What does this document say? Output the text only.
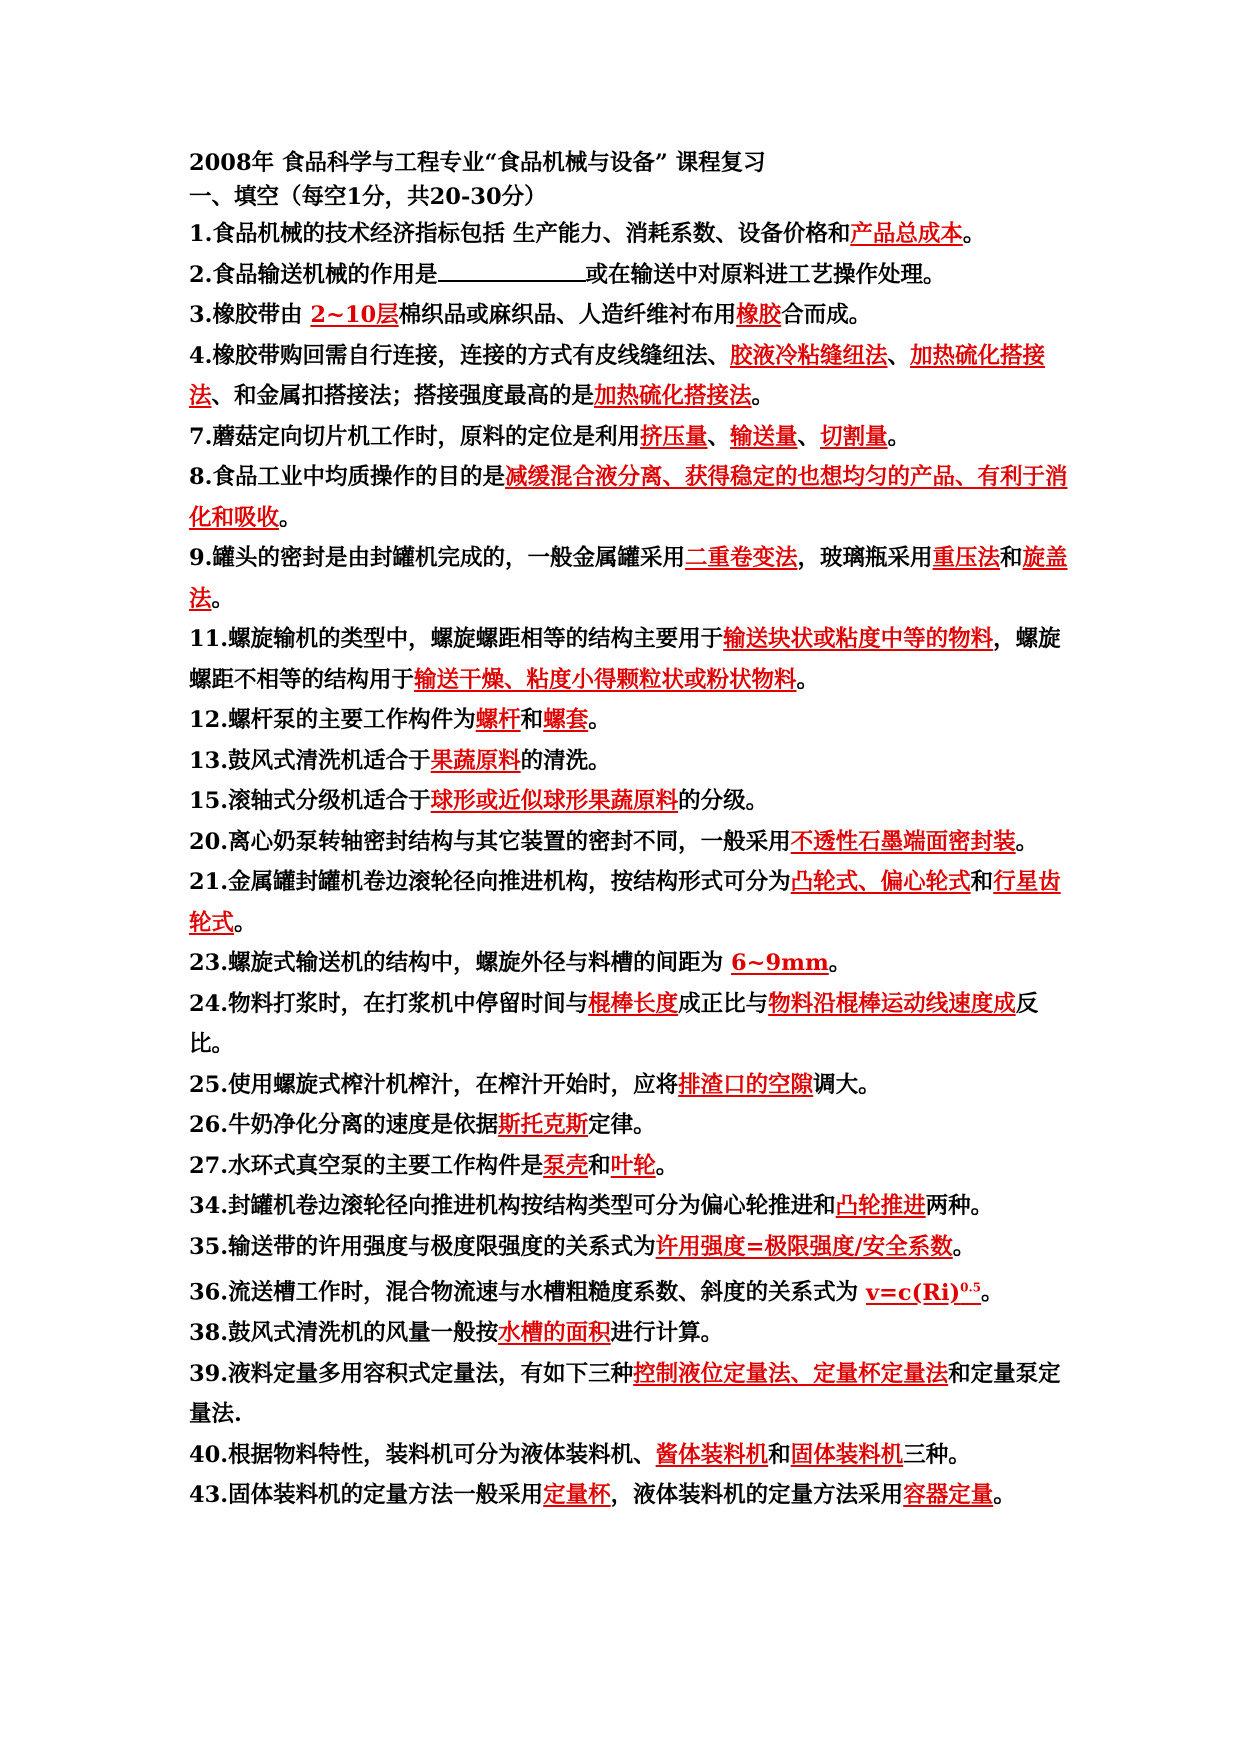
2008年 食品科学与工程专业“食品机械与设备” 课程复习
一、填空（每空1分，共20-30分）

1.食品机械的技术经济指标包括 生产能力、消耗系数、设备价格和产品总成本。

2.食品输送机械的作用是	或在输送中对原料进工艺操作处理。

3.橡胶带由 2~10层棉织品或麻织品、人造纤维衬布用橡胶合而成。

4.橡胶带购回需自行连接，连接的方式有皮线缝纽法、胶液冷粘缝纽法、加热硫化搭接法、和金属扣搭接法；搭接强度最高的是加热硫化搭接法。

7.蘑菇定向切片机工作时，原料的定位是利用挤压量、输送量、切割量。

8.食品工业中均质操作的目的是减缓混合液分离、获得稳定的也想均匀的产品、有利于消化和吸收。

9.罐头的密封是由封罐机完成的，一般金属罐采用二重卷变法，玻璃瓶采用重压法和旋盖法。

11.螺旋输机的类型中，螺旋螺距相等的结构主要用于输送块状或粘度中等的物料，螺旋螺距不相等的结构用于输送干燥、粘度小得颗粒状或粉状物料。

12.螺杆泵的主要工作构件为螺杆和螺套。

13.鼓风式清洗机适合于果蔬原料的清洗。

15.滚轴式分级机适合于球形或近似球形果蔬原料的分级。

20.离心奶泵转轴密封结构与其它装置的密封不同，一般采用不透性石墨端面密封装。

21.金属罐封罐机卷边滚轮径向推进机构，按结构形式可分为凸轮式、偏心轮式和行星齿轮式。

23.螺旋式输送机的结构中，螺旋外径与料槽的间距为 6~9mm。

24.物料打浆时，在打浆机中停留时间与棍棒长度成正比与物料沿棍棒运动线速度成反比。

25.使用螺旋式榨汁机榨汁，在榨汁开始时，应将排渣口的空隙调大。

26.牛奶净化分离的速度是依据斯托克斯定律。

27.水环式真空泵的主要工作构件是泵壳和叶轮。

34.封罐机卷边滚轮径向推进机构按结构类型可分为偏心轮推进和凸轮推进两种。

35.输送带的许用强度与极度限强度的关系式为许用强度=极限强度/安全系数。

36.流送槽工作时，混合物流速与水槽粗糙度系数、斜度的关系式为 $v=c(Ri)^{0.5}$。

38.鼓风式清洗机的风量一般按水槽的面积进行计算。

39.液料定量多用容积式定量法，有如下三种控制液位定量法、定量杯定量法和定量泵定量法.

40.根据物料特性，装料机可分为液体装料机、酱体装料机和固体装料机三种。

43.固体装料机的定量方法一般采用定量杯，液体装料机的定量方法采用容器定量。
